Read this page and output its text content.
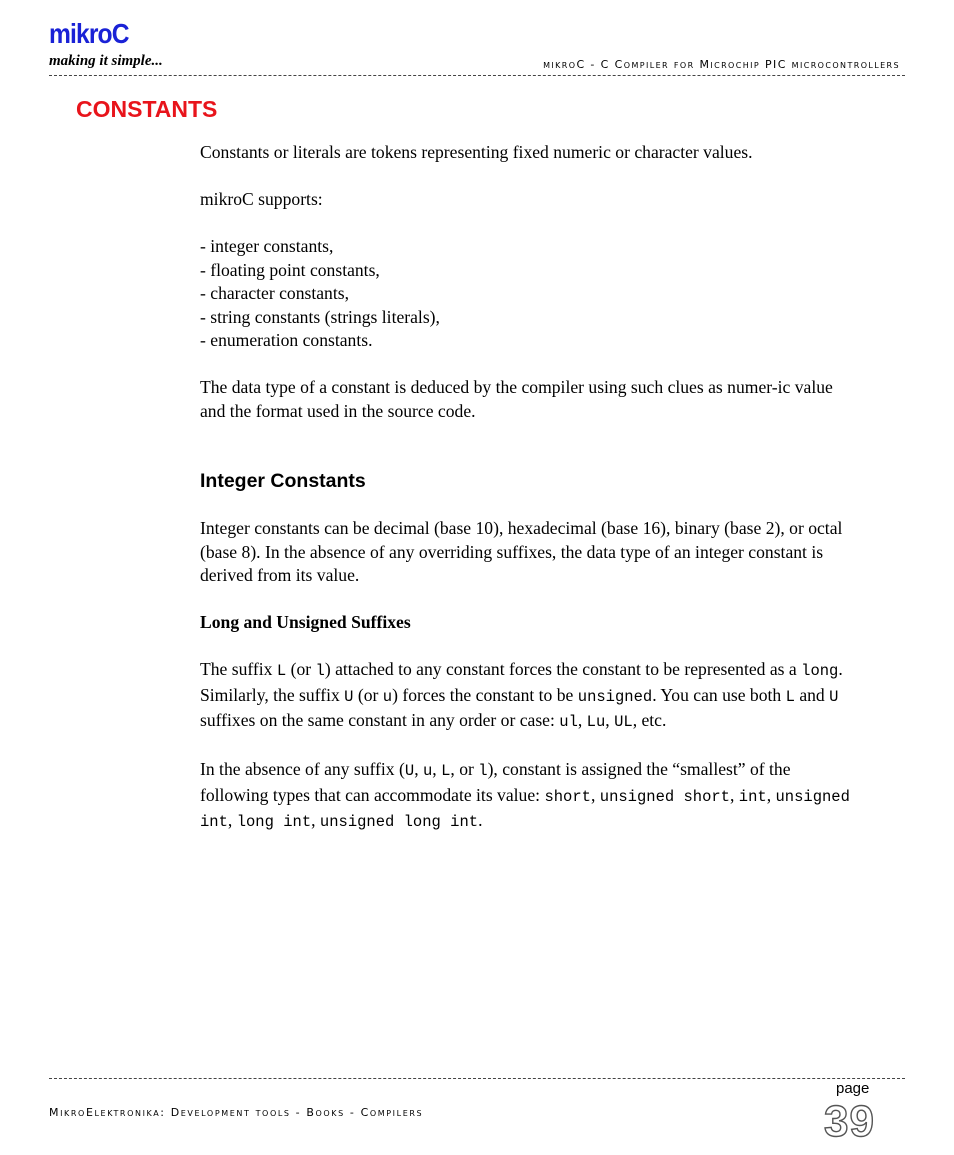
mikroC
making it simple...	mikroC - C Compiler for Microchip PIC microcontrollers
CONSTANTS

Constants or literals are tokens representing fixed numeric or character values.

mikroC supports:

- integer constants,
- floating point constants,
- character constants,
- string constants (strings literals),
- enumeration constants.

The data type of a constant is deduced by the compiler using such clues as numer-ic value and the format used in the source code.

Integer Constants

Integer constants can be decimal (base 10), hexadecimal (base 16), binary (base 2), or octal (base 8). In the absence of any overriding suffixes, the data type of an integer constant is derived from its value.

Long and Unsigned Suffixes

The suffix L (or l) attached to any constant forces the constant to be represented as a long. Similarly, the suffix U (or u) forces the constant to be unsigned. You can use both L and U suffixes on the same constant in any order or case: ul, Lu, UL, etc.

In the absence of any suffix (U, u, L, or l), constant is assigned the “smallest” of the following types that can accommodate its value: short, unsigned short, int, unsigned int, long int, unsigned long int.

MikroElektronika: Development tools - Books - Compilers
page
39
